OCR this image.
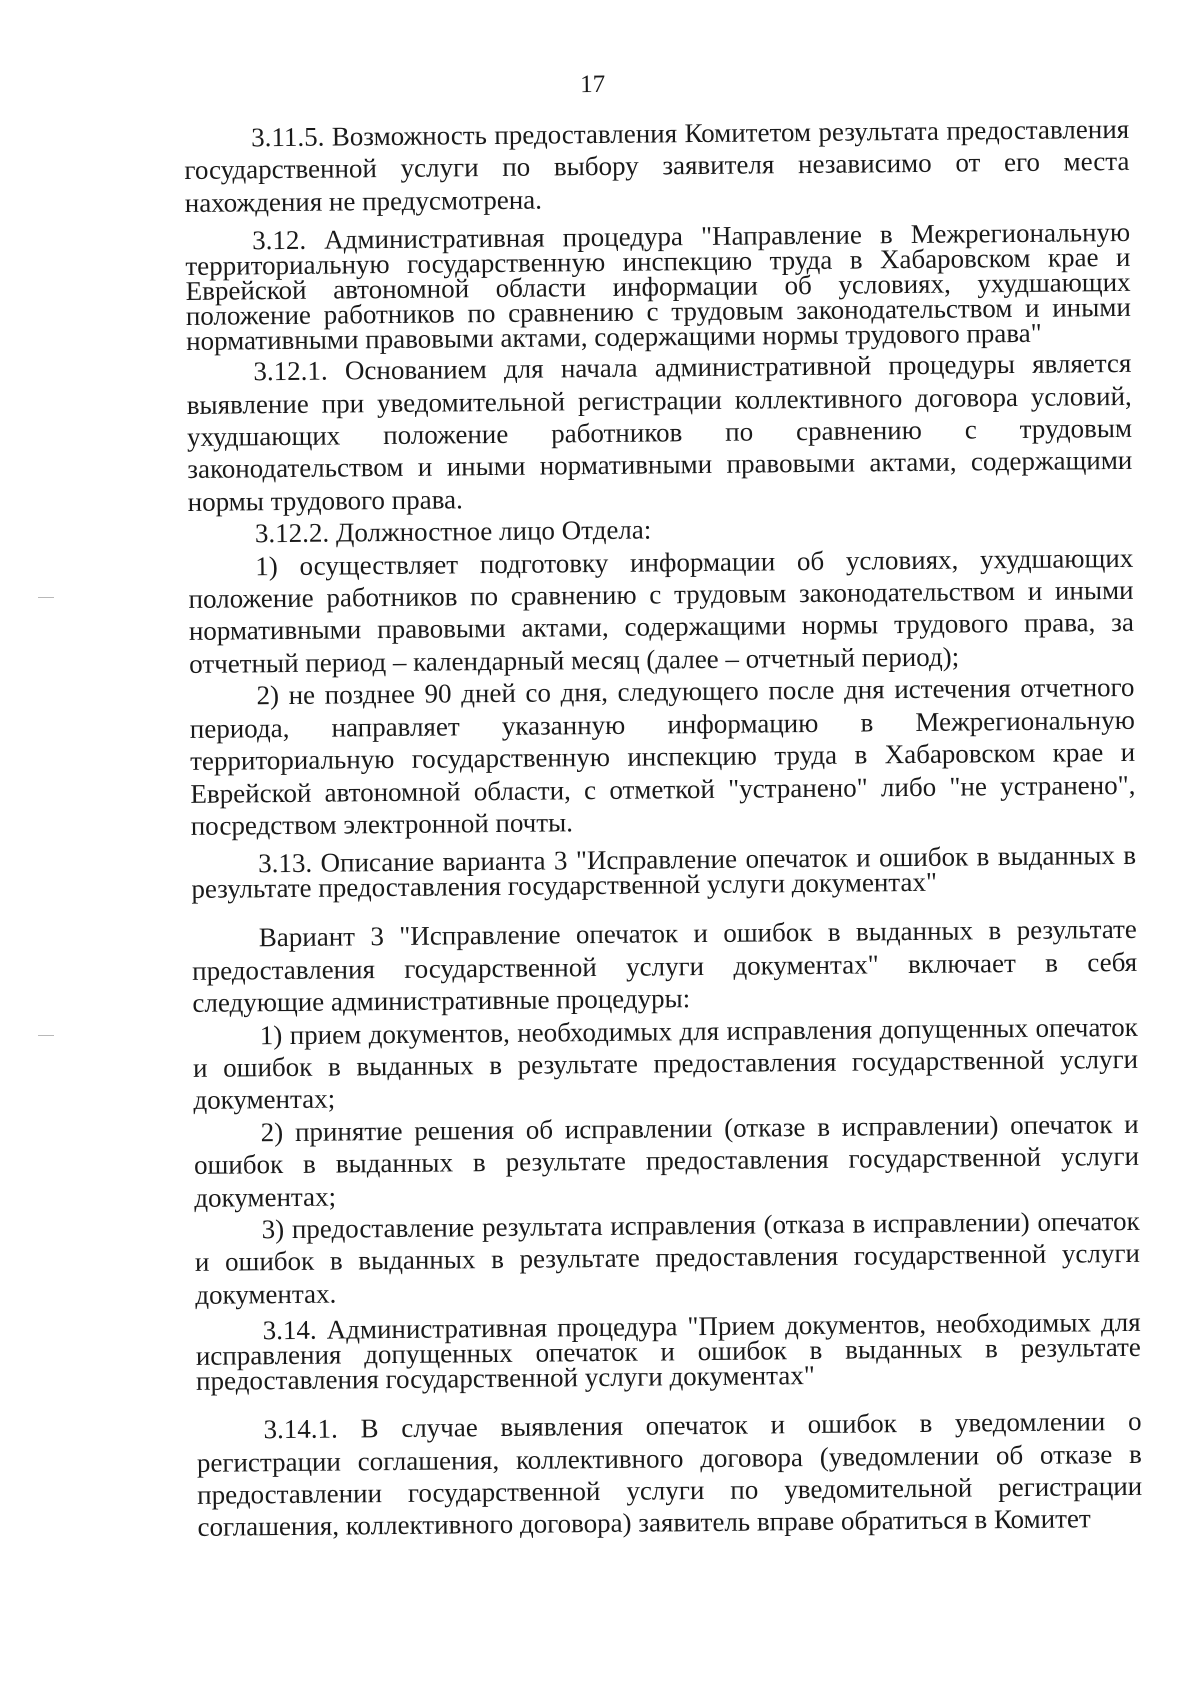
17

3.11.5. Возможность предоставления Комитетом результата предоставления государственной услуги по выбору заявителя независимо от его места нахождения не предусмотрена.

3.12. Административная процедура "Направление в Межрегиональную территориальную государственную инспекцию труда в Хабаровском крае и Еврейской автономной области информации об условиях, ухудшающих положение работников по сравнению с трудовым законодательством и иными нормативными правовыми актами, содержащими нормы трудового права"

3.12.1. Основанием для начала административной процедуры является выявление при уведомительной регистрации коллективного договора условий, ухудшающих положение работников по сравнению с трудовым законодательством и иными нормативными правовыми актами, содержащими нормы трудового права.

3.12.2. Должностное лицо Отдела:

1) осуществляет подготовку информации об условиях, ухудшающих положение работников по сравнению с трудовым законодательством и иными нормативными правовыми актами, содержащими нормы трудового права, за отчетный период – календарный месяц (далее – отчетный период);

2) не позднее 90 дней со дня, следующего после дня истечения отчетного периода, направляет указанную информацию в Межрегиональную территориальную государственную инспекцию труда в Хабаровском крае и Еврейской автономной области, с отметкой "устранено" либо "не устранено", посредством электронной почты.

3.13. Описание варианта 3 "Исправление опечаток и ошибок в выданных в результате предоставления государственной услуги документах"

Вариант 3 "Исправление опечаток и ошибок в выданных в результате предоставления государственной услуги документах" включает в себя следующие административные процедуры:

1) прием документов, необходимых для исправления допущенных опечаток и ошибок в выданных в результате предоставления государственной услуги документах;

2) принятие решения об исправлении (отказе в исправлении) опечаток и ошибок в выданных в результате предоставления государственной услуги документах;

3) предоставление результата исправления (отказа в исправлении) опечаток и ошибок в выданных в результате предоставления государственной услуги документах.

3.14. Административная процедура "Прием документов, необходимых для исправления допущенных опечаток и ошибок в выданных в результате предоставления государственной услуги документах"

3.14.1. В случае выявления опечаток и ошибок в уведомлении о регистрации соглашения, коллективного договора (уведомлении об отказе в предоставлении государственной услуги по уведомительной регистрации соглашения, коллективного договора) заявитель вправе обратиться в Комитет
